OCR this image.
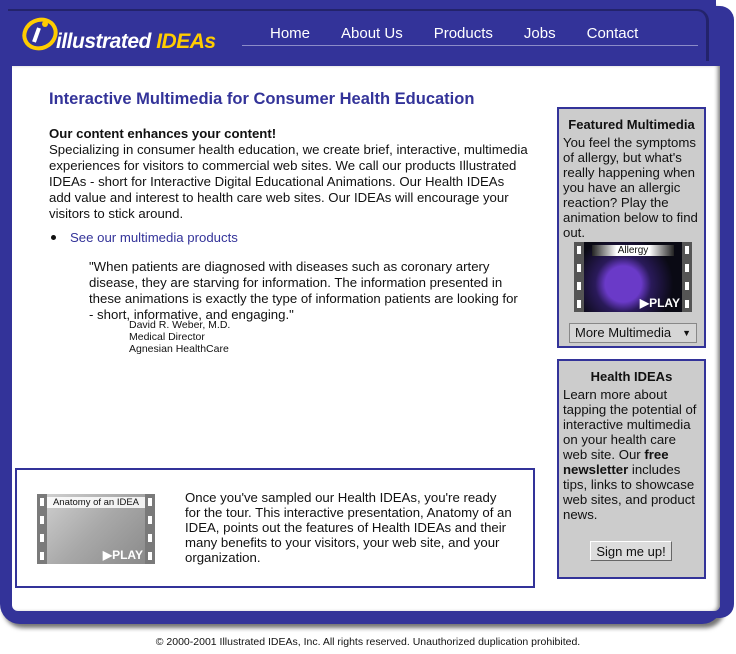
illustrated IDEAs	Home About Us Products Jobs Contact
Interactive Multimedia for Consumer Health Education
Our content enhances your content!
Specializing in consumer health education, we create brief, interactive, multimedia experiences for visitors to commercial web sites. We call our products Illustrated IDEAs - short for Interactive Digital Educational Animations. Our Health IDEAs add value and interest to health care web sites. Our IDEAs will encourage your visitors to stick around.
See our multimedia products
"When patients are diagnosed with diseases such as coronary artery disease, they are starving for information. The information presented in these animations is exactly the type of information patients are looking for - short, informative, and engaging."
David R. Weber, M.D.
Medical Director
Agnesian HealthCare
Anatomy of an IDEA
▶PLAY
Once you've sampled our Health IDEAs, you're ready for the tour. This interactive presentation, Anatomy of an IDEA, points out the features of Health IDEAs and their many benefits to your visitors, your web site, and your organization.
Featured Multimedia

You feel the symptoms of allergy, but what's really happening when you have an allergic reaction? Play the animation below to find out.

Allergy
▶PLAY
More Multimedia ▼
Health IDEAs

Learn more about tapping the potential of interactive multimedia on your health care web site. Our free newsletter includes tips, links to showcase web sites, and product news.

Sign me up!
© 2000-2001 Illustrated IDEAs, Inc. All rights reserved. Unauthorized duplication prohibited.
